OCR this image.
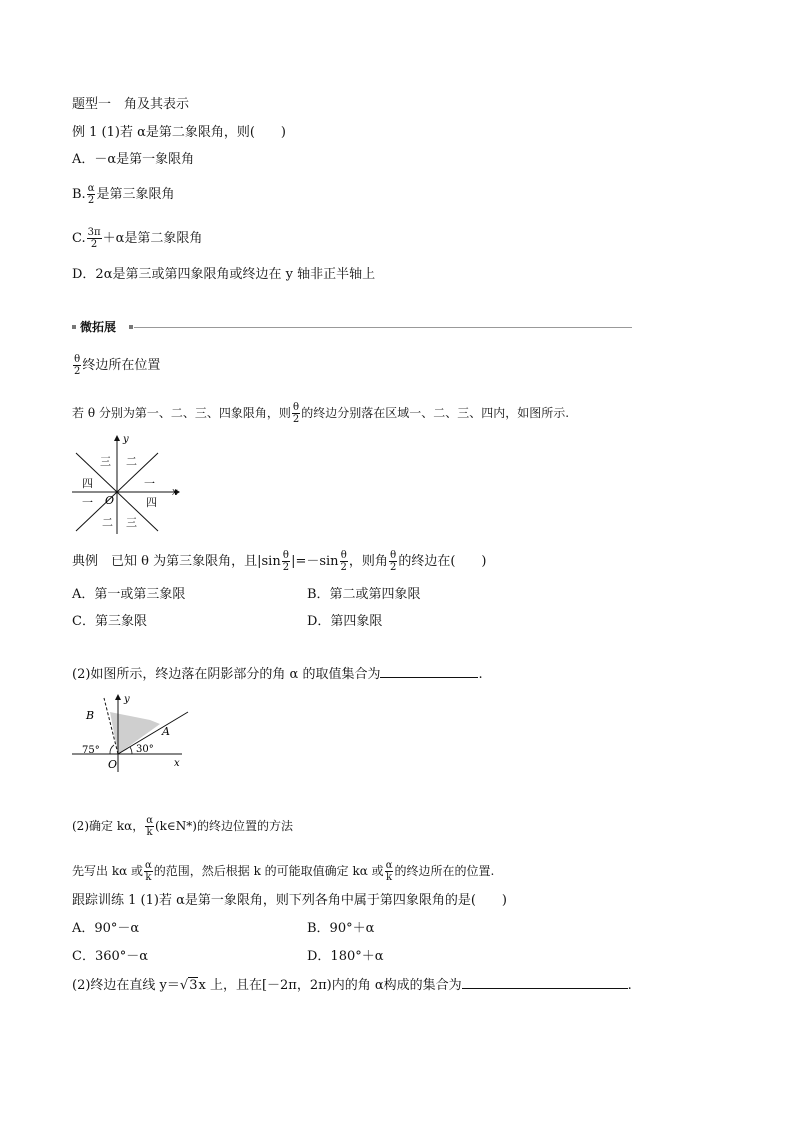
题型一　角及其表示
例 1 (1)若 α是第二象限角，则(　　)
A．－α是第一象限角
B. $\frac{\alpha}{2}$ 是第三象限角
C. $\frac{3\pi}{2} +\alpha$是第二象限角
D．2α是第三或第四象限角或终边在 y 轴非正半轴上
微拓展
$\frac{\theta}{2}$ 终边所在位置
若 θ 分别为第一、二、三、四象限角，则 $\frac{\theta}{2}$ 的终边分别落在区域一、二、三、四内，如图所示.
y
x
O
三 二
四	一
一	四
二 三
典例　已知 θ 为第三象限角，且$|\sin \frac{\theta}{2} |=-\sin \frac{\theta}{2}$ ，则角 $\frac{\theta}{2}$ 的终边在(　　)
A．第一或第三象限	B．第二或第四象限
C．第三象限	D．第四象限
(2)如图所示，终边落在阴影部分的角 α 的取值集合为	.
y
x
O
B
A
75°	30°
(2)确定 kα， $\frac{\alpha}{k}$ (k∈N*)的终边位置的方法
先写出 kα 或 $\frac{\alpha}{k}$ 的范围，然后根据 k 的可能取值确定 kα 或 $\frac{\alpha}{k}$ 的终边所在的位置.
跟踪训练 1 (1)若 α是第一象限角，则下列各角中属于第四象限角的是(　　)
A．90°－α	B．90°＋α
C．360°－α	D．180°＋α
(2)终边在直线 y＝√3x 上，且在[－2π，2π)内的角 α构成的集合为	.
